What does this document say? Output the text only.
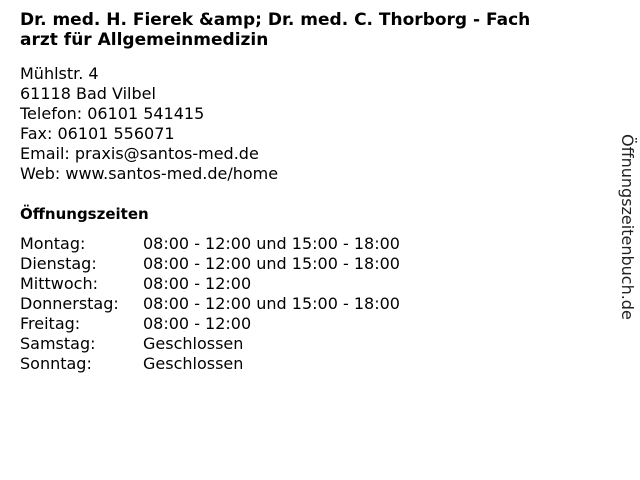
Dr. med. H. Fierek &amp; Dr. med. C. Thorborg - Fach
arzt für Allgemeinmedizin
Mühlstr. 4
61118 Bad Vilbel
Telefon: 06101 541415
Fax: 06101 556071
Email: praxis@santos-med.de
Web: www.santos-med.de/home
Öffnungszeiten
Montag:	08:00 - 12:00 und 15:00 - 18:00
Dienstag:	08:00 - 12:00 und 15:00 - 18:00
Mittwoch:	08:00 - 12:00
Donnerstag: 08:00 - 12:00 und 15:00 - 18:00
Freitag:	08:00 - 12:00
Samstag:	Geschlossen
Sonntag:	Geschlossen
Öffnungszeitenbuch.de
